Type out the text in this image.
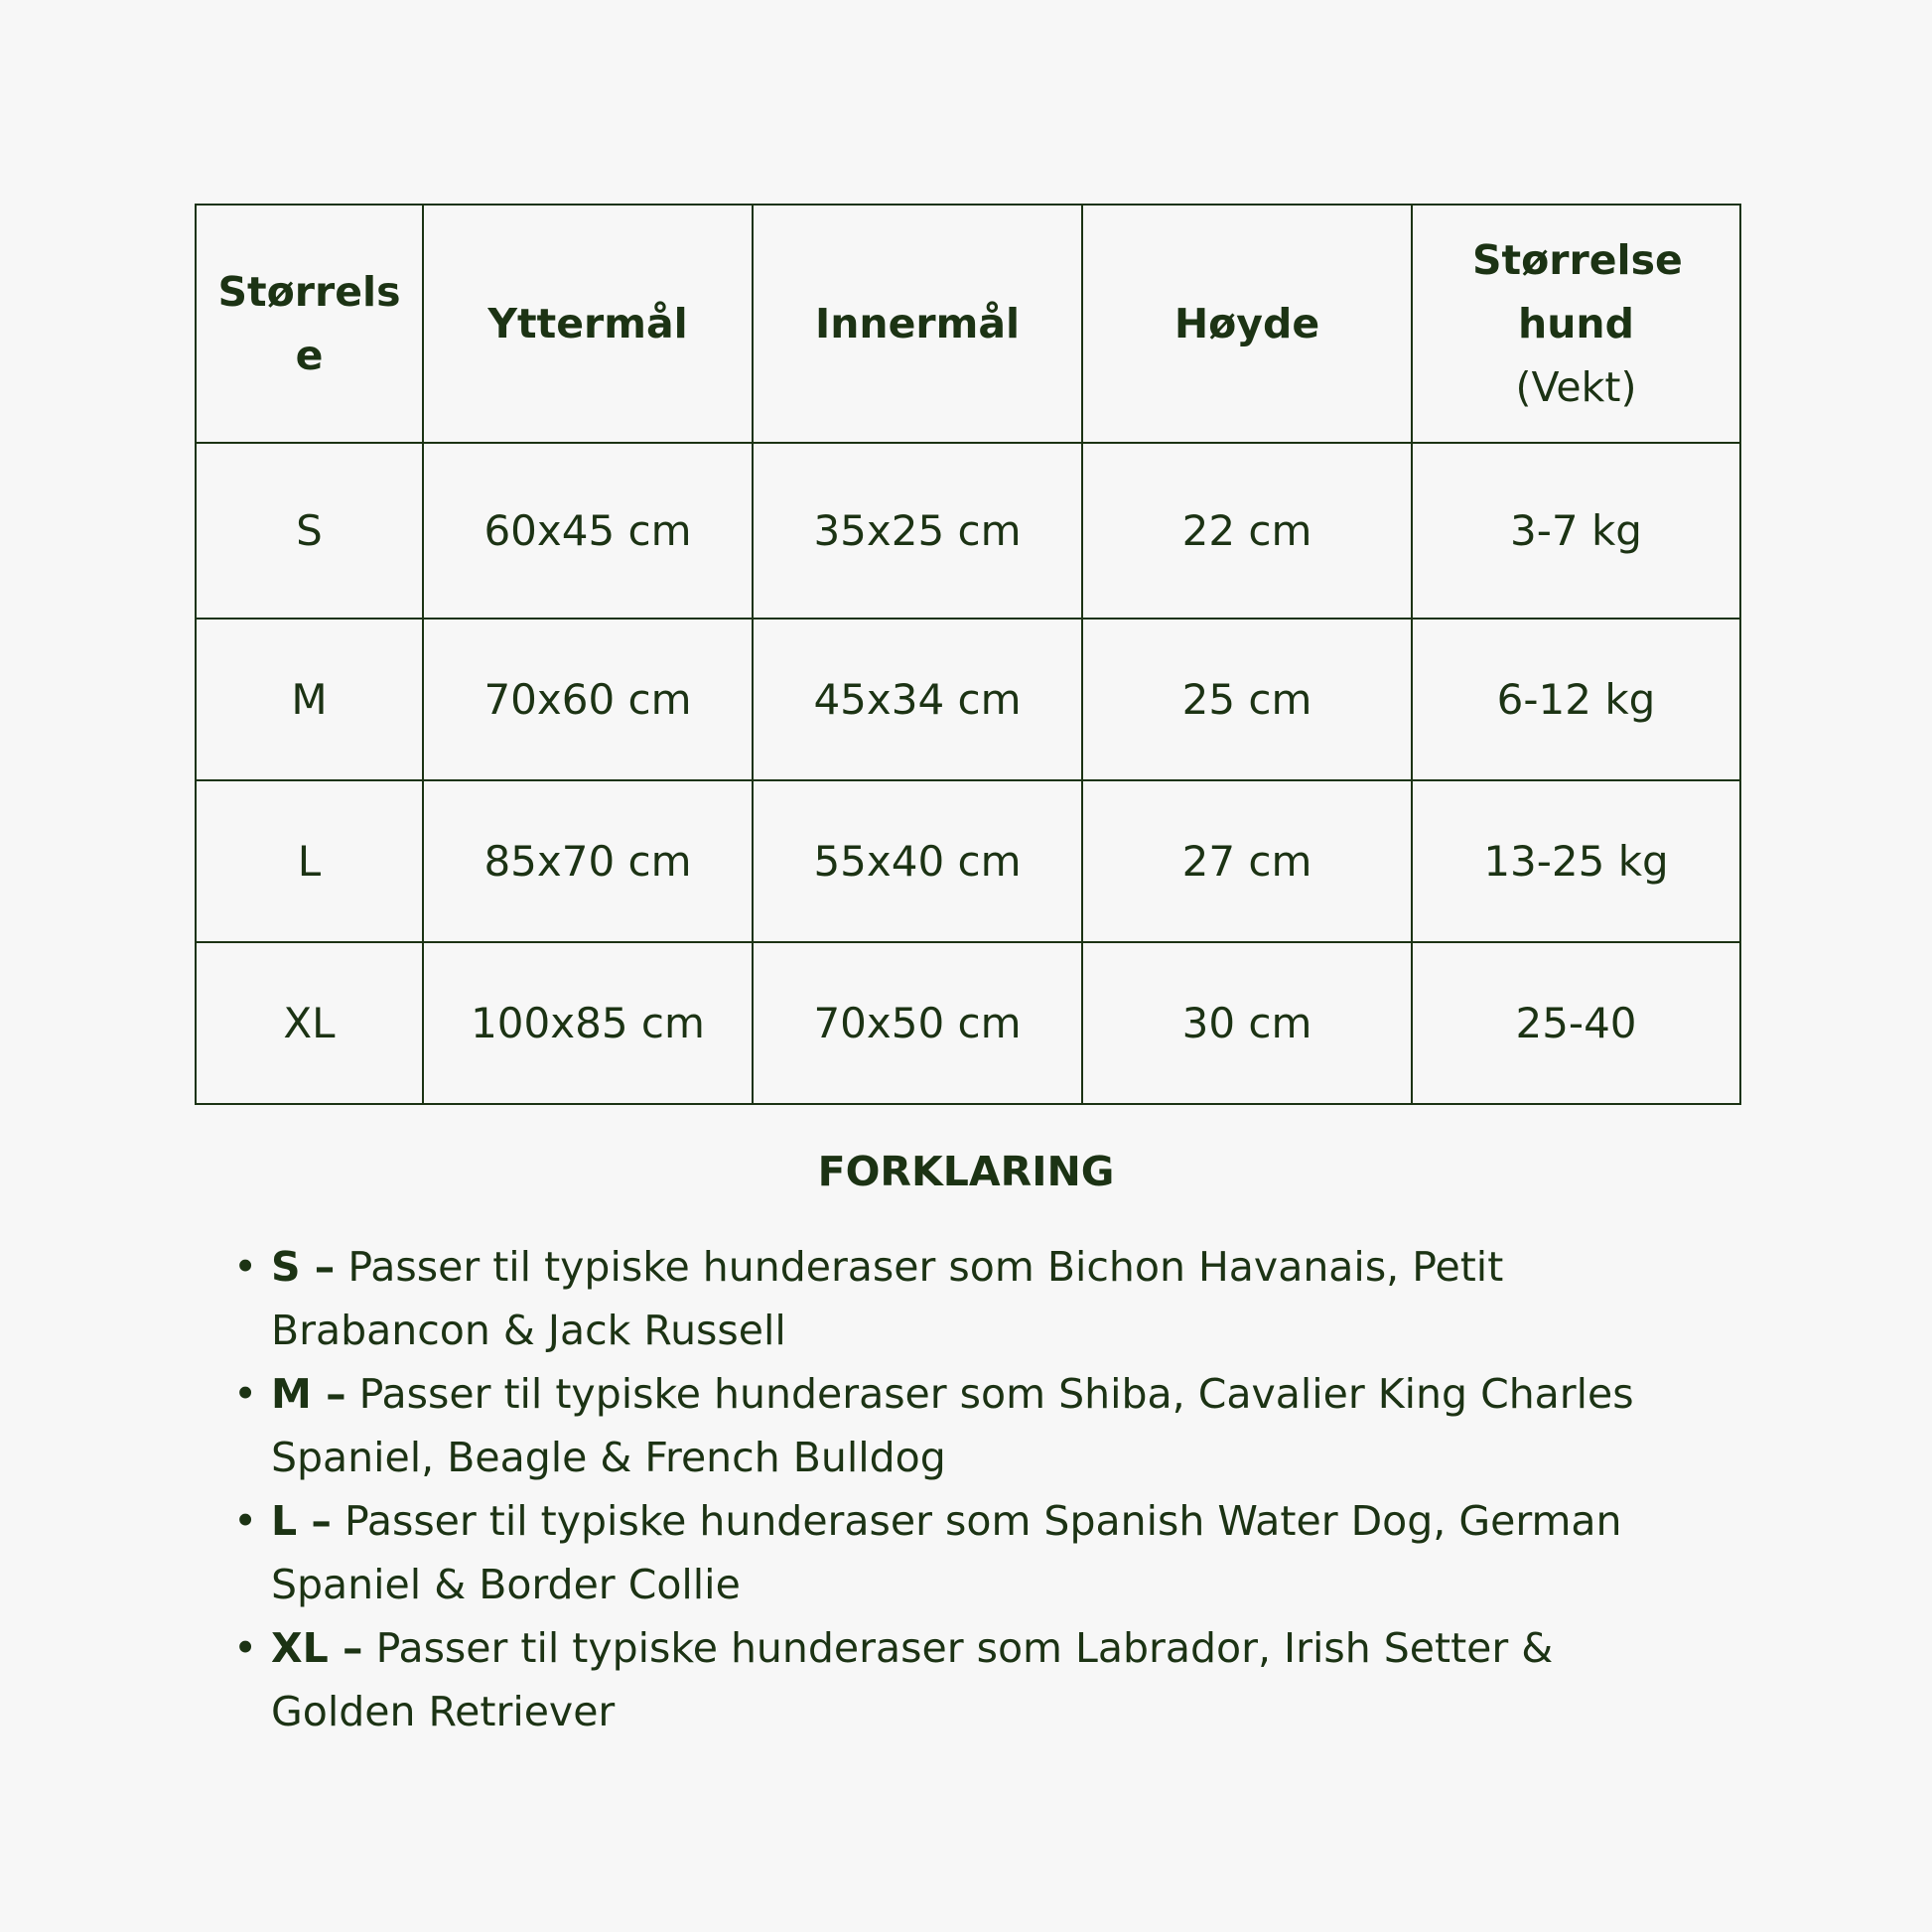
Størrelse	Yttermål	Innermål	Høyde	Størrelse hund
(Vekt)

S	60x45 cm	35x25 cm	22 cm	3-7 kg
M	70x60 cm	45x34 cm	25 cm	6-12 kg
L	85x70 cm	55x40 cm	27 cm	13-25 kg
XL	100x85 cm	70x50 cm	30 cm	25-40
FORKLARING
• S – Passer til typiske hunderaser som Bichon Havanais, Petit Brabancon & Jack Russell
• M – Passer til typiske hunderaser som Shiba, Cavalier King Charles Spaniel, Beagle & French Bulldog
• L – Passer til typiske hunderaser som Spanish Water Dog, German Spaniel & Border Collie
• XL – Passer til typiske hunderaser som Labrador, Irish Setter & Golden Retriever
